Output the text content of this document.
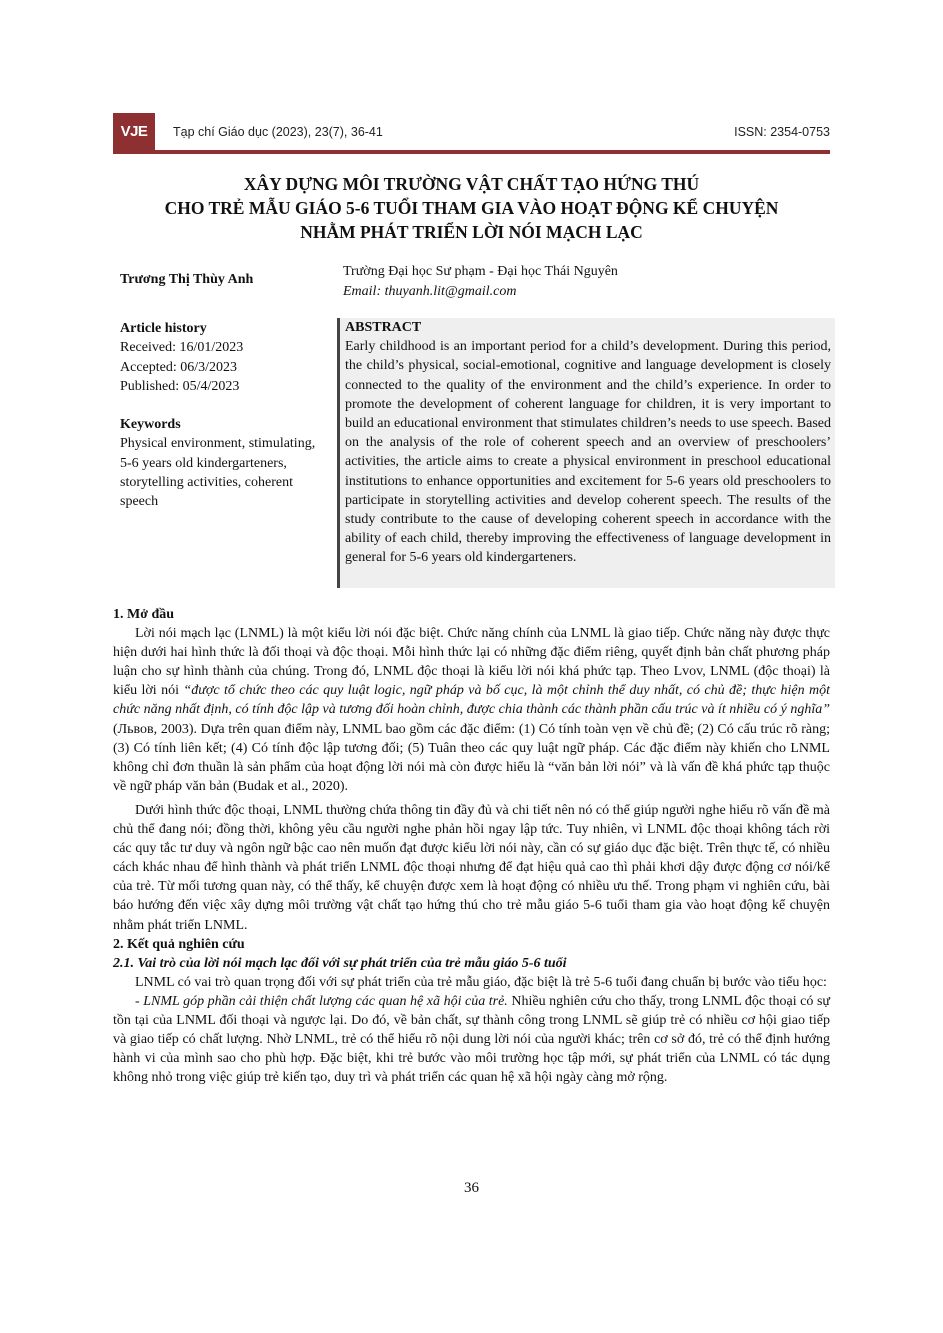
VJE	Tạp chí Giáo dục (2023), 23(7), 36-41	ISSN: 2354-0753
XÂY DỰNG MÔI TRƯỜNG VẬT CHẤT TẠO HỨNG THÚ
CHO TRẺ MẪU GIÁO 5-6 TUỔI THAM GIA VÀO HOẠT ĐỘNG KỂ CHUYỆN
NHẰM PHÁT TRIỂN LỜI NÓI MẠCH LẠC
Trương Thị Thùy Anh
Trường Đại học Sư phạm - Đại học Thái Nguyên
Email: thuyanh.lit@gmail.com
Article history

Received: 16/01/2023

Accepted: 06/3/2023

Published: 05/4/2023

Keywords

Physical environment, stimulating, 5-6 years old kindergarteners, storytelling activities, coherent speech

ABSTRACT

Early childhood is an important period for a child’s development. During this period, the child’s physical, social-emotional, cognitive and language development is closely connected to the quality of the environment and the child’s experience. In order to promote the development of coherent language for children, it is very important to build an educational environment that stimulates children’s needs to use speech. Based on the analysis of the role of coherent speech and an overview of preschoolers’ activities, the article aims to create a physical environment in preschool educational institutions to enhance opportunities and excitement for 5-6 years old preschoolers to participate in storytelling activities and develop coherent speech. The results of the study contribute to the cause of developing coherent speech in accordance with the ability of each child, thereby improving the effectiveness of language development in general for 5-6 years old kindergarteners.

1. Mở đầu

Lời nói mạch lạc (LNML) là một kiểu lời nói đặc biệt. Chức năng chính của LNML là giao tiếp. Chức năng này được thực hiện dưới hai hình thức là đối thoại và độc thoại. Mỗi hình thức lại có những đặc điểm riêng, quyết định bản chất phương pháp luận cho sự hình thành của chúng. Trong đó, LNML độc thoại là kiểu lời nói khá phức tạp. Theo Lvov, LNML (độc thoại) là kiểu lời nói “được tổ chức theo các quy luật logic, ngữ pháp và bố cục, là một chỉnh thể duy nhất, có chủ đề; thực hiện một chức năng nhất định, có tính độc lập và tương đối hoàn chỉnh, được chia thành các thành phần cấu trúc và ít nhiều có ý nghĩa” (Львов, 2003). Dựa trên quan điểm này, LNML bao gồm các đặc điểm: (1) Có tính toàn vẹn về chủ đề; (2) Có cấu trúc rõ ràng; (3) Có tính liên kết; (4) Có tính độc lập tương đối; (5) Tuân theo các quy luật ngữ pháp. Các đặc điểm này khiến cho LNML không chỉ đơn thuần là sản phẩm của hoạt động lời nói mà còn được hiểu là “văn bản lời nói” và là vấn đề khá phức tạp thuộc về ngữ pháp văn bản (Budak et al., 2020).

Dưới hình thức độc thoại, LNML thường chứa thông tin đầy đủ và chi tiết nên nó có thể giúp người nghe hiểu rõ vấn đề mà chủ thể đang nói; đồng thời, không yêu cầu người nghe phản hồi ngay lập tức. Tuy nhiên, vì LNML độc thoại không tách rời các quy tắc tư duy và ngôn ngữ bậc cao nên muốn đạt được kiểu lời nói này, cần có sự giáo dục đặc biệt. Trên thực tế, có nhiều cách khác nhau để hình thành và phát triển LNML độc thoại nhưng để đạt hiệu quả cao thì phải khơi dậy được động cơ nói/kể của trẻ. Từ mối tương quan này, có thể thấy, kể chuyện được xem là hoạt động có nhiều ưu thế. Trong phạm vi nghiên cứu, bài báo hướng đến việc xây dựng môi trường vật chất tạo hứng thú cho trẻ mẫu giáo 5-6 tuổi tham gia vào hoạt động kể chuyện nhằm phát triển LNML.

2. Kết quả nghiên cứu
2.1. Vai trò của lời nói mạch lạc đối với sự phát triển của trẻ mẫu giáo 5-6 tuổi

LNML có vai trò quan trọng đối với sự phát triển của trẻ mẫu giáo, đặc biệt là trẻ 5-6 tuổi đang chuẩn bị bước vào tiểu học:

- LNML góp phần cải thiện chất lượng các quan hệ xã hội của trẻ. Nhiều nghiên cứu cho thấy, trong LNML độc thoại có sự tồn tại của LNML đối thoại và ngược lại. Do đó, về bản chất, sự thành công trong LNML sẽ giúp trẻ có nhiều cơ hội giao tiếp và giao tiếp có chất lượng. Nhờ LNML, trẻ có thể hiểu rõ nội dung lời nói của người khác; trên cơ sở đó, trẻ có thể định hướng hành vi của mình sao cho phù hợp. Đặc biệt, khi trẻ bước vào môi trường học tập mới, sự phát triển của LNML có tác dụng không nhỏ trong việc giúp trẻ kiến tạo, duy trì và phát triển các quan hệ xã hội ngày càng mở rộng.

36
